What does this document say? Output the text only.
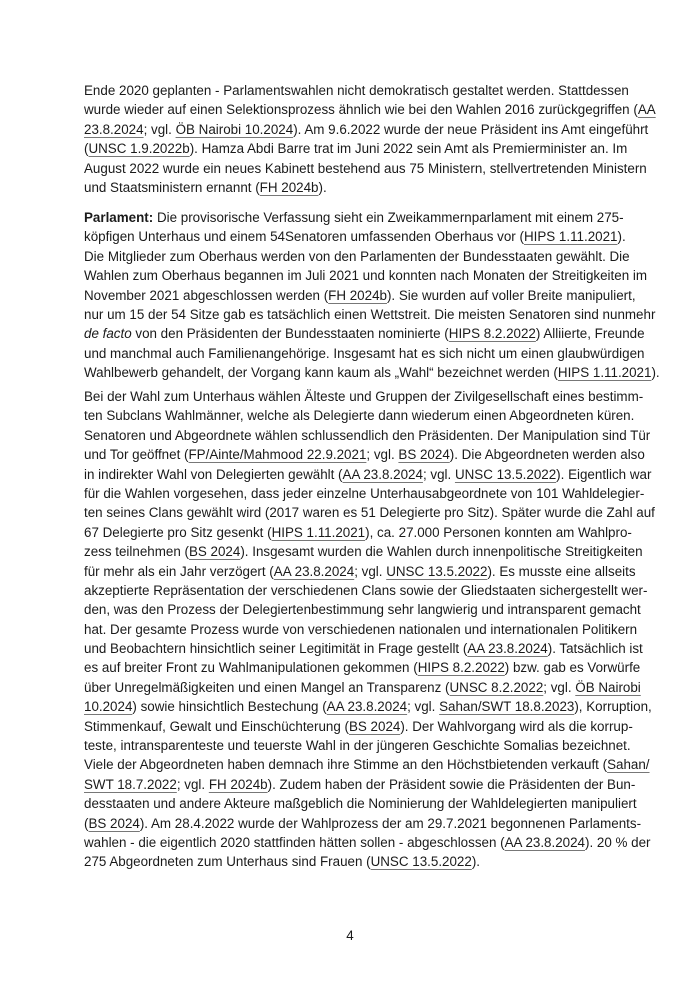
Ende 2020 geplanten - Parlamentswahlen nicht demokratisch gestaltet werden. Stattdessen
wurde wieder auf einen Selektionsprozess ähnlich wie bei den Wahlen 2016 zurückgegriffen (AA
23.8.2024; vgl. ÖB Nairobi 10.2024). Am 9.6.2022 wurde der neue Präsident ins Amt eingeführt
(UNSC 1.9.2022b). Hamza Abdi Barre trat im Juni 2022 sein Amt als Premierminister an. Im
August 2022 wurde ein neues Kabinett bestehend aus 75 Ministern, stellvertretenden Ministern
und Staatsministern ernannt (FH 2024b).
Parlament: Die provisorische Verfassung sieht ein Zweikammernparlament mit einem 275-
köpfigen Unterhaus und einem 54Senatoren umfassenden Oberhaus vor (HIPS 1.11.2021).
Die Mitglieder zum Oberhaus werden von den Parlamenten der Bundesstaaten gewählt. Die
Wahlen zum Oberhaus begannen im Juli 2021 und konnten nach Monaten der Streitigkeiten im
November 2021 abgeschlossen werden (FH 2024b). Sie wurden auf voller Breite manipuliert,
nur um 15 der 54 Sitze gab es tatsächlich einen Wettstreit. Die meisten Senatoren sind nunmehr
de facto von den Präsidenten der Bundesstaaten nominierte (HIPS 8.2.2022) Alliierte, Freunde
und manchmal auch Familienangehörige. Insgesamt hat es sich nicht um einen glaubwürdigen
Wahlbewerb gehandelt, der Vorgang kann kaum als „Wahl“ bezeichnet werden (HIPS 1.11.2021).
Bei der Wahl zum Unterhaus wählen Älteste und Gruppen der Zivilgesellschaft eines bestimm-
ten Subclans Wahlmänner, welche als Delegierte dann wiederum einen Abgeordneten küren.
Senatoren und Abgeordnete wählen schlussendlich den Präsidenten. Der Manipulation sind Tür
und Tor geöffnet (FP/Ainte/Mahmood 22.9.2021; vgl. BS 2024). Die Abgeordneten werden also
in indirekter Wahl von Delegierten gewählt (AA 23.8.2024; vgl. UNSC 13.5.2022). Eigentlich war
für die Wahlen vorgesehen, dass jeder einzelne Unterhausabgeordnete von 101 Wahldelegier-
ten seines Clans gewählt wird (2017 waren es 51 Delegierte pro Sitz). Später wurde die Zahl auf
67 Delegierte pro Sitz gesenkt (HIPS 1.11.2021), ca. 27.000 Personen konnten am Wahlpro-
zess teilnehmen (BS 2024). Insgesamt wurden die Wahlen durch innenpolitische Streitigkeiten
für mehr als ein Jahr verzögert (AA 23.8.2024; vgl. UNSC 13.5.2022). Es musste eine allseits
akzeptierte Repräsentation der verschiedenen Clans sowie der Gliedstaaten sichergestellt wer-
den, was den Prozess der Delegiertenbestimmung sehr langwierig und intransparent gemacht
hat. Der gesamte Prozess wurde von verschiedenen nationalen und internationalen Politikern
und Beobachtern hinsichtlich seiner Legitimität in Frage gestellt (AA 23.8.2024). Tatsächlich ist
es auf breiter Front zu Wahlmanipulationen gekommen (HIPS 8.2.2022) bzw. gab es Vorwürfe
über Unregelmäßigkeiten und einen Mangel an Transparenz (UNSC 8.2.2022; vgl. ÖB Nairobi
10.2024) sowie hinsichtlich Bestechung (AA 23.8.2024; vgl. Sahan/SWT 18.8.2023), Korruption,
Stimmenkauf, Gewalt und Einschüchterung (BS 2024). Der Wahlvorgang wird als die korrup-
teste, intransparenteste und teuerste Wahl in der jüngeren Geschichte Somalias bezeichnet.
Viele der Abgeordneten haben demnach ihre Stimme an den Höchstbietenden verkauft (Sahan/
SWT 18.7.2022; vgl. FH 2024b). Zudem haben der Präsident sowie die Präsidenten der Bun-
desstaaten und andere Akteure maßgeblich die Nominierung der Wahldelegierten manipuliert
(BS 2024). Am 28.4.2022 wurde der Wahlprozess der am 29.7.2021 begonnenen Parlaments-
wahlen - die eigentlich 2020 stattfinden hätten sollen - abgeschlossen (AA 23.8.2024). 20 % der
275 Abgeordneten zum Unterhaus sind Frauen (UNSC 13.5.2022).
4
